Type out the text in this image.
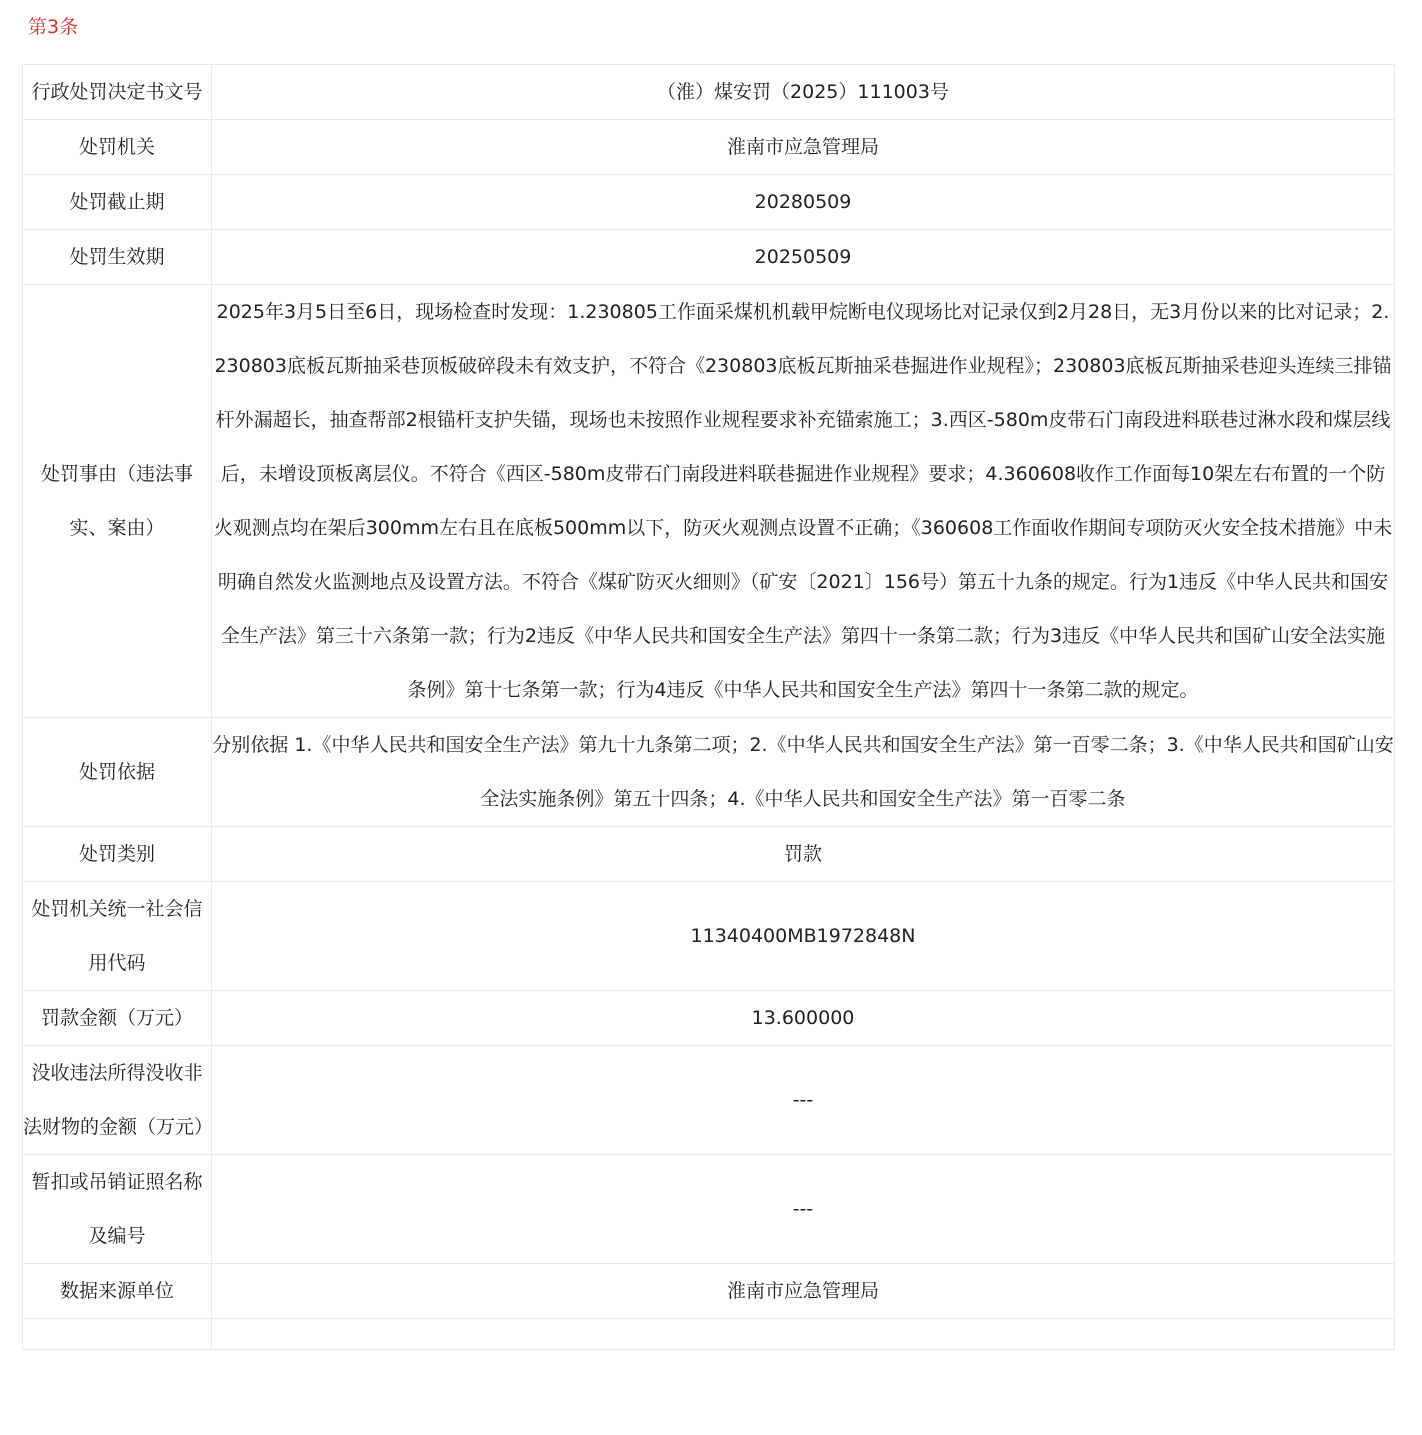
第3条
行政处罚决定书文号	（淮）煤安罚（2025）111003号
处罚机关	淮南市应急管理局
处罚截止期	20280509
处罚生效期	20250509
处罚事由（违法事实、案由）	2025年3月5日至6日，现场检查时发现：1.230805工作面采煤机机载甲烷断电仪现场比对记录仅到2月28日，无3月份以来的比对记录；2.230803底板瓦斯抽采巷顶板破碎段未有效支护，不符合《230803底板瓦斯抽采巷掘进作业规程》；230803底板瓦斯抽采巷迎头连续三排锚杆外漏超长，抽查帮部2根锚杆支护失锚，现场也未按照作业规程要求补充锚索施工；3.西区-580m皮带石门南段进料联巷过淋水段和煤层线后，未增设顶板离层仪。不符合《西区-580m皮带石门南段进料联巷掘进作业规程》要求；4.360608收作工作面每10架左右布置的一个防火观测点均在架后300mm左右且在底板500mm以下，防灭火观测点设置不正确；《360608工作面收作期间专项防灭火安全技术措施》中未明确自然发火监测地点及设置方法。不符合《煤矿防灭火细则》（矿安〔2021〕156号）第五十九条的规定。行为1违反《中华人民共和国安全生产法》第三十六条第一款；行为2违反《中华人民共和国安全生产法》第四十一条第二款；行为3违反《中华人民共和国矿山安全法实施条例》第十七条第一款；行为4违反《中华人民共和国安全生产法》第四十一条第二款的规定。
处罚依据	分别依据 1.《中华人民共和国安全生产法》第九十九条第二项；2.《中华人民共和国安全生产法》第一百零二条；3.《中华人民共和国矿山安全法实施条例》第五十四条；4.《中华人民共和国安全生产法》第一百零二条
处罚类别	罚款
处罚机关统一社会信用代码	11340400MB1972848N
罚款金额（万元）	13.600000
没收违法所得没收非法财物的金额（万元）	---
暂扣或吊销证照名称及编号	---
数据来源单位	淮南市应急管理局
